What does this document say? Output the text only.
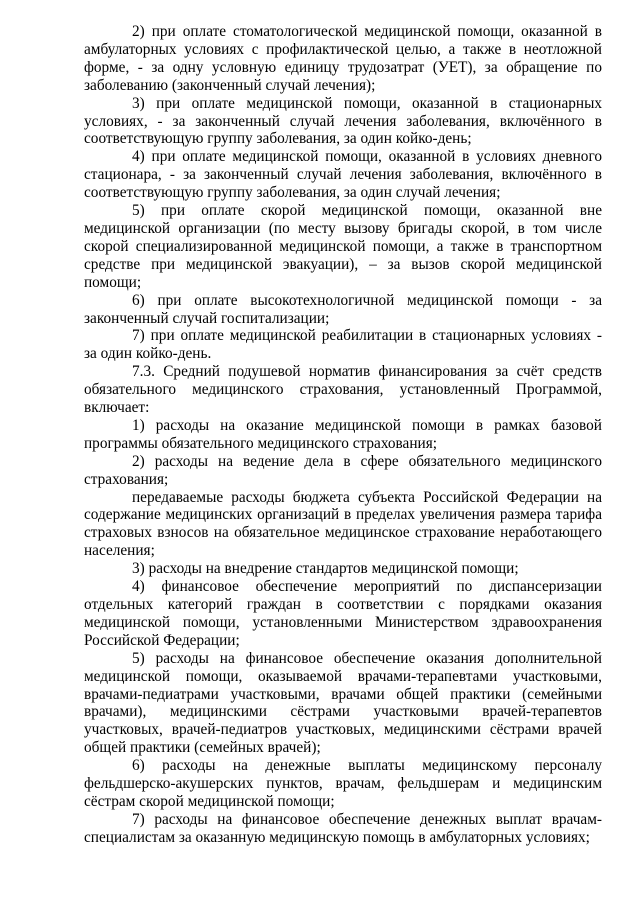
2) при оплате стоматологической медицинской помощи, оказанной в амбулаторных условиях с профилактической целью, а также в неотложной форме, - за одну условную единицу трудозатрат (УЕТ), за обращение по заболеванию (законченный случай лечения);

3) при оплате медицинской помощи, оказанной в стационарных условиях, - за законченный случай лечения заболевания, включённого в соответствующую группу заболевания, за один койко-день;

4) при оплате медицинской помощи, оказанной в условиях дневного стационара, - за законченный случай лечения заболевания, включённого в соответствующую группу заболевания, за один случай лечения;

5) при оплате скорой медицинской помощи, оказанной вне медицинской организации (по месту вызову бригады скорой, в том числе скорой специализированной медицинской помощи, а также в транспортном средстве при медицинской эвакуации), – за вызов скорой медицинской помощи;

6) при оплате высокотехнологичной медицинской помощи - за законченный случай госпитализации;

7) при оплате медицинской реабилитации в стационарных условиях - за один койко-день.

7.3. Средний подушевой норматив финансирования за счёт средств обязательного медицинского страхования, установленный Программой, включает:

1) расходы на оказание медицинской помощи в рамках базовой программы обязательного медицинского страхования;

2) расходы на ведение дела в сфере обязательного медицинского страхования;

передаваемые расходы бюджета субъекта Российской Федерации на содержание медицинских организаций в пределах увеличения размера тарифа страховых взносов на обязательное медицинское страхование неработающего населения;

3) расходы на внедрение стандартов медицинской помощи;

4) финансовое обеспечение мероприятий по диспансеризации отдельных категорий граждан в соответствии с порядками оказания медицинской помощи, установленными Министерством здравоохранения Российской Федерации;

5) расходы на финансовое обеспечение оказания дополнительной медицинской помощи, оказываемой врачами-терапевтами участковыми, врачами-педиатрами участковыми, врачами общей практики (семейными врачами), медицинскими сёстрами участковыми врачей-терапевтов участковых, врачей-педиатров участковых, медицинскими сёстрами врачей общей практики (семейных врачей);

6) расходы на денежные выплаты медицинскому персоналу фельдшерско-акушерских пунктов, врачам, фельдшерам и медицинским сёстрам скорой медицинской помощи;

7) расходы на финансовое обеспечение денежных выплат врачам-специалистам за оказанную медицинскую помощь в амбулаторных условиях;
